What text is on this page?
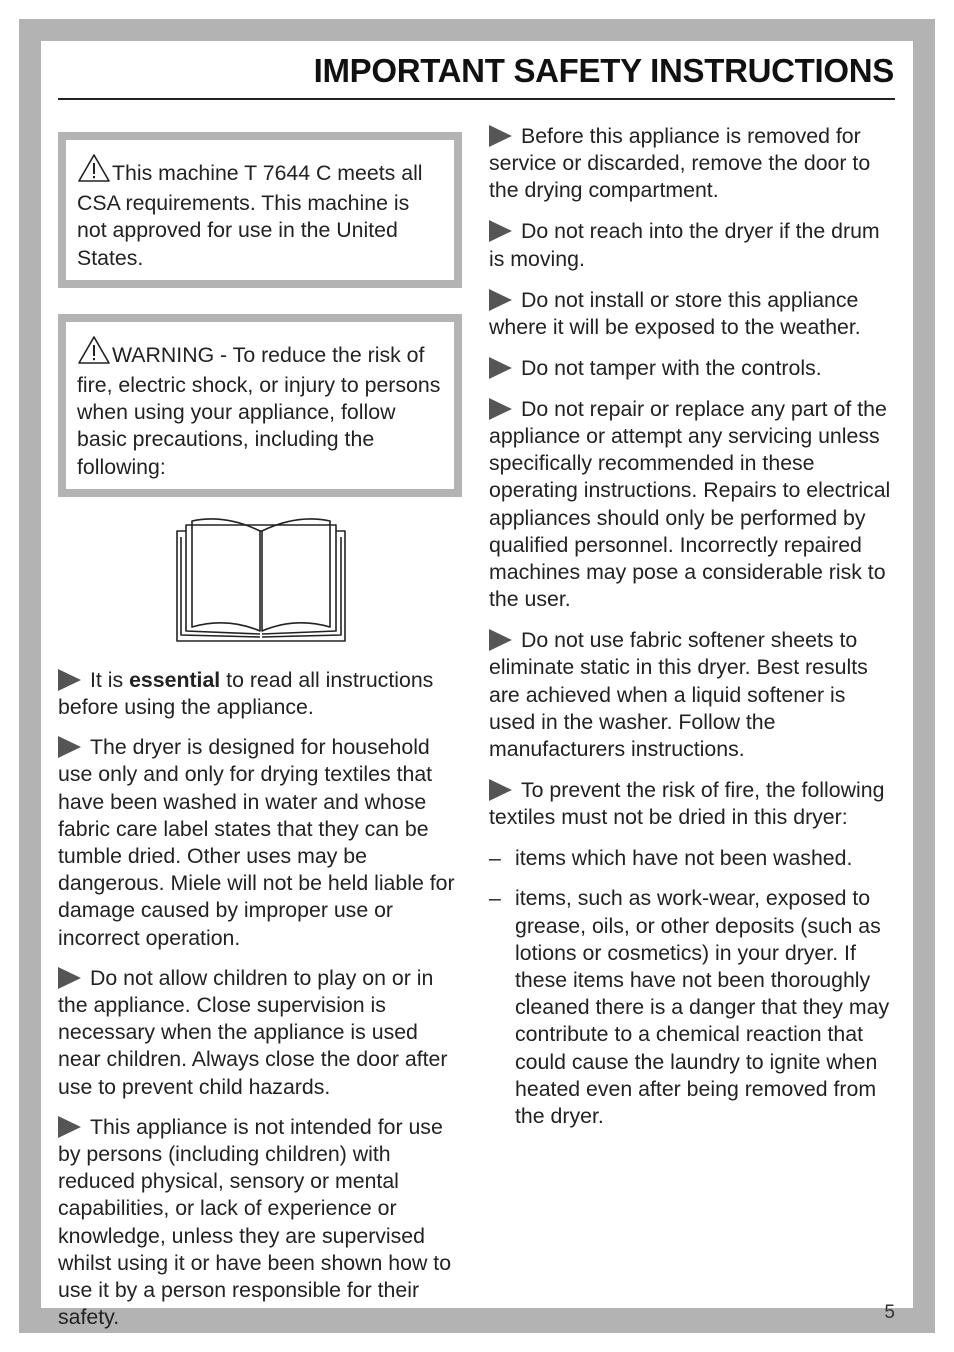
IMPORTANT SAFETY INSTRUCTIONS
This machine T 7644 C meets all CSA requirements. This machine is not approved for use in the United States.
WARNING - To reduce the risk of fire, electric shock, or injury to persons when using your appliance, follow basic precautions, including the following:

It is essential to read all instructions before using the appliance.

The dryer is designed for household use only and only for drying textiles that have been washed in water and whose fabric care label states that they can be tumble dried. Other uses may be dangerous. Miele will not be held liable for damage caused by improper use or incorrect operation.

Do not allow children to play on or in the appliance. Close supervision is necessary when the appliance is used near children. Always close the door after use to prevent child hazards.

This appliance is not intended for use by persons (including children) with reduced physical, sensory or mental capabilities, or lack of experience or knowledge, unless they are supervised whilst using it or have been shown how to use it by a person responsible for their safety.

Before this appliance is removed for service or discarded, remove the door to the drying compartment.

Do not reach into the dryer if the drum is moving.

Do not install or store this appliance where it will be exposed to the weather.

Do not tamper with the controls.

Do not repair or replace any part of the appliance or attempt any servicing unless specifically recommended in these operating instructions. Repairs to electrical appliances should only be performed by qualified personnel. Incorrectly repaired machines may pose a considerable risk to the user.

Do not use fabric softener sheets to eliminate static in this dryer. Best results are achieved when a liquid softener is used in the washer. Follow the manufacturers instructions.

To prevent the risk of fire, the following textiles must not be dried in this dryer:

– items which have not been washed.
– items, such as work-wear, exposed to grease, oils, or other deposits (such as lotions or cosmetics) in your dryer. If these items have not been thoroughly cleaned there is a danger that they may contribute to a chemical reaction that could cause the laundry to ignite when heated even after being removed from the dryer.
5
